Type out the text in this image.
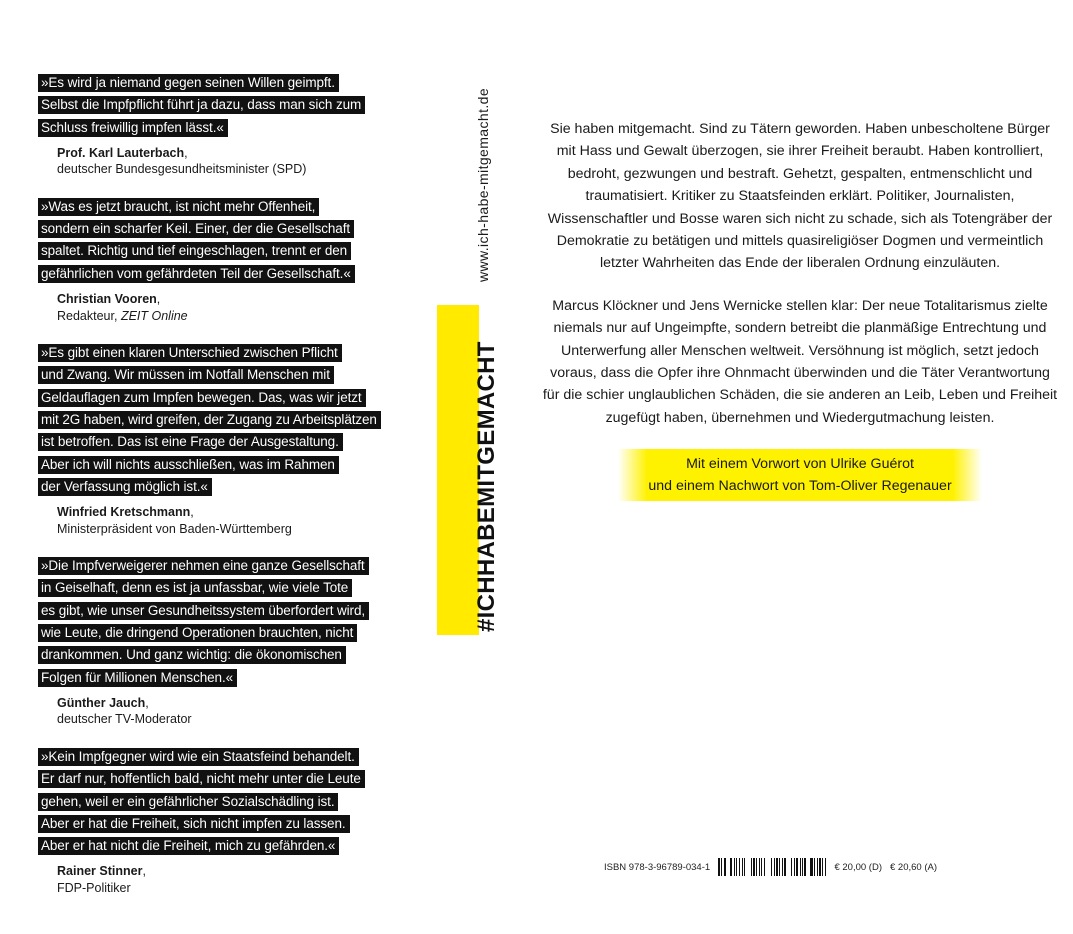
»Es wird ja niemand gegen seinen Willen geimpft.
Selbst die Impfpflicht führt ja dazu, dass man sich zum
Schluss freiwillig impfen lässt.«
Prof. Karl Lauterbach,
deutscher Bundesgesundheitsminister (SPD)
»Was es jetzt braucht, ist nicht mehr Offenheit,
sondern ein scharfer Keil. Einer, der die Gesellschaft
spaltet. Richtig und tief eingeschlagen, trennt er den
gefährlichen vom gefährdeten Teil der Gesellschaft.«
Christian Vooren,
Redakteur, ZEIT Online
»Es gibt einen klaren Unterschied zwischen Pflicht
und Zwang. Wir müssen im Notfall Menschen mit
Geldauflagen zum Impfen bewegen. Das, was wir jetzt
mit 2G haben, wird greifen, der Zugang zu Arbeitsplätzen
ist betroffen. Das ist eine Frage der Ausgestaltung.
Aber ich will nichts ausschließen, was im Rahmen
der Verfassung möglich ist.«
Winfried Kretschmann,
Ministerpräsident von Baden-Württemberg
»Die Impfverweigerer nehmen eine ganze Gesellschaft
in Geiselhaft, denn es ist ja unfassbar, wie viele Tote
es gibt, wie unser Gesundheitssystem überfordert wird,
wie Leute, die dringend Operationen brauchten, nicht
drankommen. Und ganz wichtig: die ökonomischen
Folgen für Millionen Menschen.«
Günther Jauch,
deutscher TV-Moderator
»Kein Impfgegner wird wie ein Staatsfeind behandelt.
Er darf nur, hoffentlich bald, nicht mehr unter die Leute
gehen, weil er ein gefährlicher Sozialschädling ist.
Aber er hat die Freiheit, sich nicht impfen zu lassen.
Aber er hat nicht die Freiheit, mich zu gefährden.«
Rainer Stinner,
FDP-Politiker
www.ich-habe-mitgemacht.de
#ICHHABEMITGEMACHT

Sie haben mitgemacht. Sind zu Tätern geworden. Haben unbescholtene Bürger mit Hass und Gewalt überzogen, sie ihrer Freiheit beraubt. Haben kontrolliert, bedroht, gezwungen und bestraft. Gehetzt, gespalten, entmenschlicht und traumatisiert. Kritiker zu Staatsfeinden erklärt. Politiker, Journalisten, Wissenschaftler und Bosse waren sich nicht zu schade, sich als Totengräber der Demokratie zu betätigen und mittels quasireligiöser Dogmen und vermeintlich letzter Wahrheiten das Ende der liberalen Ordnung einzuläuten.

Marcus Klöckner und Jens Wernicke stellen klar: Der neue Totalitarismus zielte niemals nur auf Ungeimpfte, sondern betreibt die planmäßige Entrechtung und Unterwerfung aller Menschen weltweit. Versöhnung ist möglich, setzt jedoch voraus, dass die Opfer ihre Ohnmacht überwinden und die Täter Verantwortung für die schier unglaublichen Schäden, die sie anderen an Leib, Leben und Freiheit zugefügt haben, übernehmen und Wiedergutmachung leisten.

Mit einem Vorwort von Ulrike Guérot
und einem Nachwort von Tom-Oliver Regenauer
ISBN 978-3-96789-034-1	€ 20,00 (D) € 20,60 (A)
